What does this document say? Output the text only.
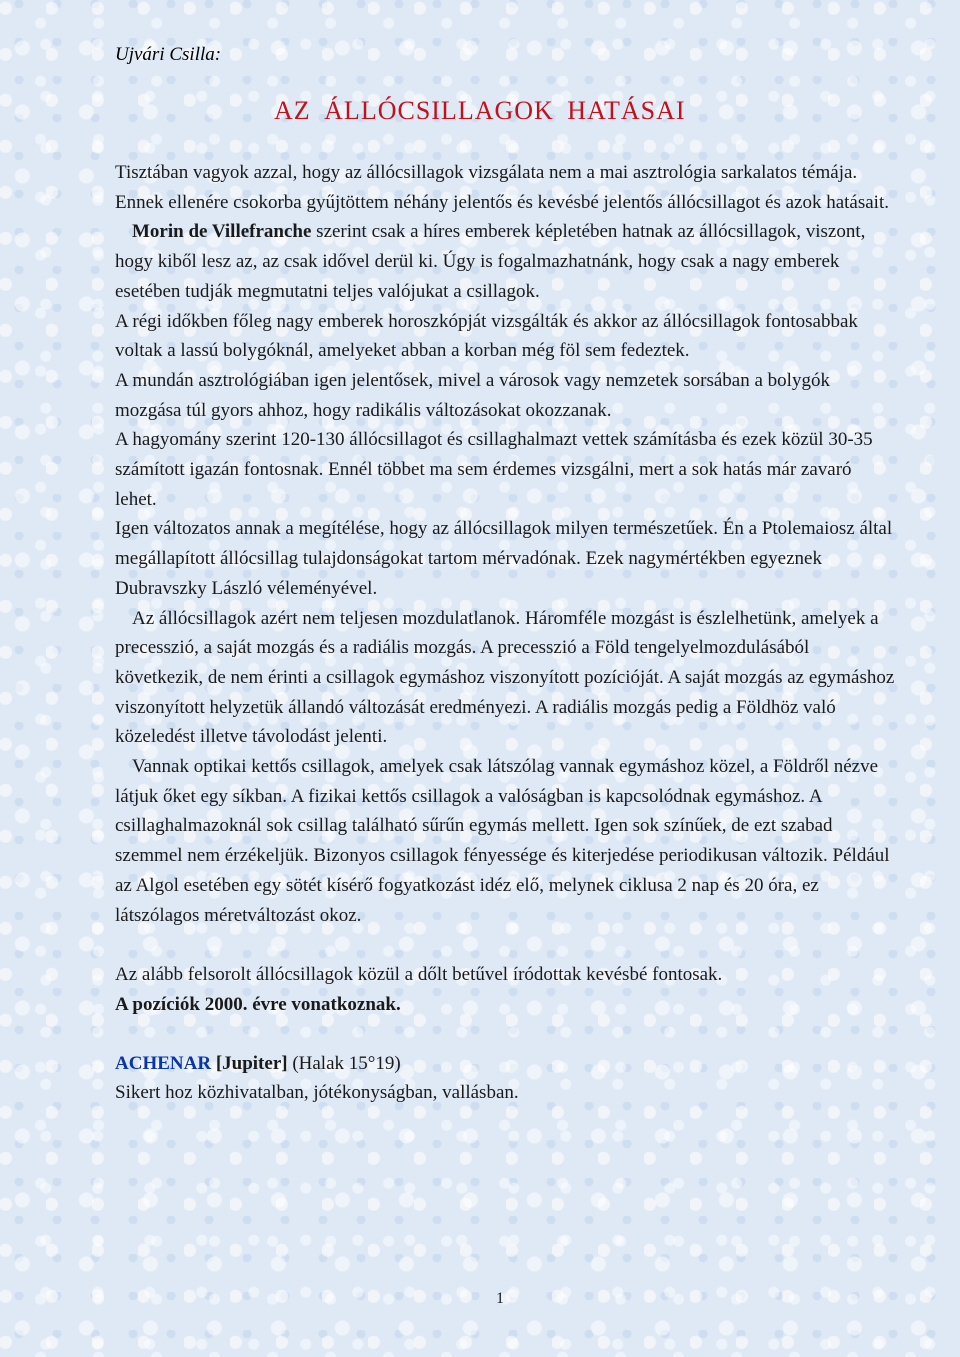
Ujvári Csilla:
AZ ÁLLÓCSILLAGOK HATÁSAI

Tisztában vagyok azzal, hogy az állócsillagok vizsgálata nem a mai asztrológia sarkalatos témája. Ennek ellenére csokorba gyűjtöttem néhány jelentős és kevésbé jelentős állócsillagot és azok hatásait.

Morin de Villefranche szerint csak a híres emberek képletében hatnak az állócsillagok, viszont, hogy kiből lesz az, az csak idővel derül ki. Úgy is fogalmazhatnánk, hogy csak a nagy emberek esetében tudják megmutatni teljes valójukat a csillagok.

A régi időkben főleg nagy emberek horoszkópját vizsgálták és akkor az állócsillagok fontosabbak voltak a lassú bolygóknál, amelyeket abban a korban még föl sem fedeztek.

A mundán asztrológiában igen jelentősek, mivel a városok vagy nemzetek sorsában a bolygók mozgása túl gyors ahhoz, hogy radikális változásokat okozzanak.

A hagyomány szerint 120-130 állócsillagot és csillaghalmazt vettek számításba és ezek közül 30-35 számított igazán fontosnak. Ennél többet ma sem érdemes vizsgálni, mert a sok hatás már zavaró lehet.

Igen változatos annak a megítélése, hogy az állócsillagok milyen természetűek. Én a Ptolemaiosz által megállapított állócsillag tulajdonságokat tartom mérvadónak. Ezek nagymértékben egyeznek Dubravszky László véleményével.

Az állócsillagok azért nem teljesen mozdulatlanok. Háromféle mozgást is észlelhetünk, amelyek a precesszió, a saját mozgás és a radiális mozgás. A precesszió a Föld tengelyelmozdulásából következik, de nem érinti a csillagok egymáshoz viszonyított pozícióját. A saját mozgás az egymáshoz viszonyított helyzetük állandó változását eredményezi. A radiális mozgás pedig a Földhöz való közeledést illetve távolodást jelenti.

Vannak optikai kettős csillagok, amelyek csak látszólag vannak egymáshoz közel, a Földről nézve látjuk őket egy síkban. A fizikai kettős csillagok a valóságban is kapcsolódnak egymáshoz. A csillaghalmazoknál sok csillag található sűrűn egymás mellett. Igen sok színűek, de ezt szabad szemmel nem érzékeljük. Bizonyos csillagok fényessége és kiterjedése periodikusan változik. Például az Algol esetében egy sötét kísérő fogyatkozást idéz elő, melynek ciklusa 2 nap és 20 óra, ez látszólagos méretváltozást okoz.

Az alább felsorolt állócsillagok közül a dőlt betűvel íródottak kevésbé fontosak.

A pozíciók 2000. évre vonatkoznak.

ACHENAR [Jupiter] (Halak 15°19)

Sikert hoz közhivatalban, jótékonyságban, vallásban.

1
